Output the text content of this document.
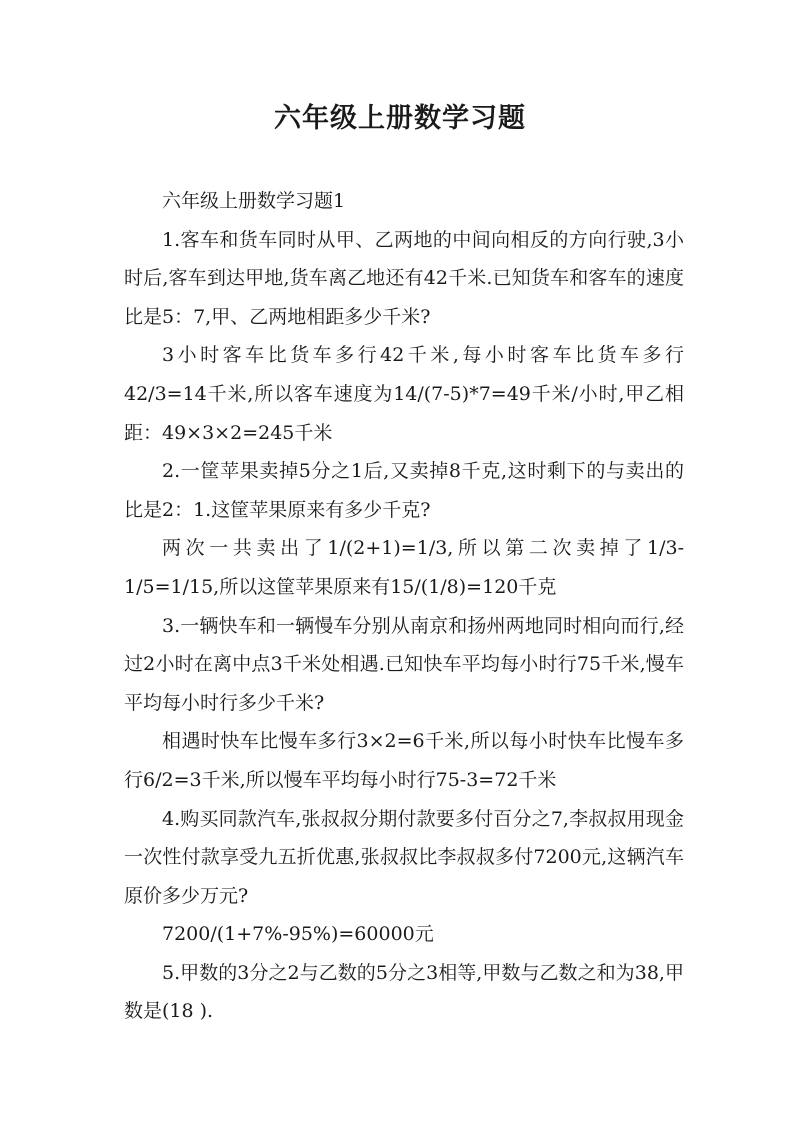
六年级上册数学习题

六年级上册数学习题1

1.客车和货车同时从甲、乙两地的中间向相反的方向行驶,3小时后,客车到达甲地,货车离乙地还有42千米.已知货车和客车的速度比是5：7,甲、乙两地相距多少千米?

3小时客车比货车多行42千米,每小时客车比货车多行42/3=14千米,所以客车速度为14/(7-5)*7=49千米/小时,甲乙相距：49×3×2=245千米

2.一筐苹果卖掉5分之1后,又卖掉8千克,这时剩下的与卖出的比是2：1.这筐苹果原来有多少千克?

两次一共卖出了1/(2+1)=1/3,所以第二次卖掉了1/3-1/5=1/15,所以这筐苹果原来有15/(1/8)=120千克

3.一辆快车和一辆慢车分别从南京和扬州两地同时相向而行,经过2小时在离中点3千米处相遇.已知快车平均每小时行75千米,慢车平均每小时行多少千米?

相遇时快车比慢车多行3×2=6千米,所以每小时快车比慢车多行6/2=3千米,所以慢车平均每小时行75-3=72千米

4.购买同款汽车,张叔叔分期付款要多付百分之7,李叔叔用现金一次性付款享受九五折优惠,张叔叔比李叔叔多付7200元,这辆汽车原价多少万元?

7200/(1+7%-95%)=60000元

5.甲数的3分之2与乙数的5分之3相等,甲数与乙数之和为38,甲数是(18 ).
